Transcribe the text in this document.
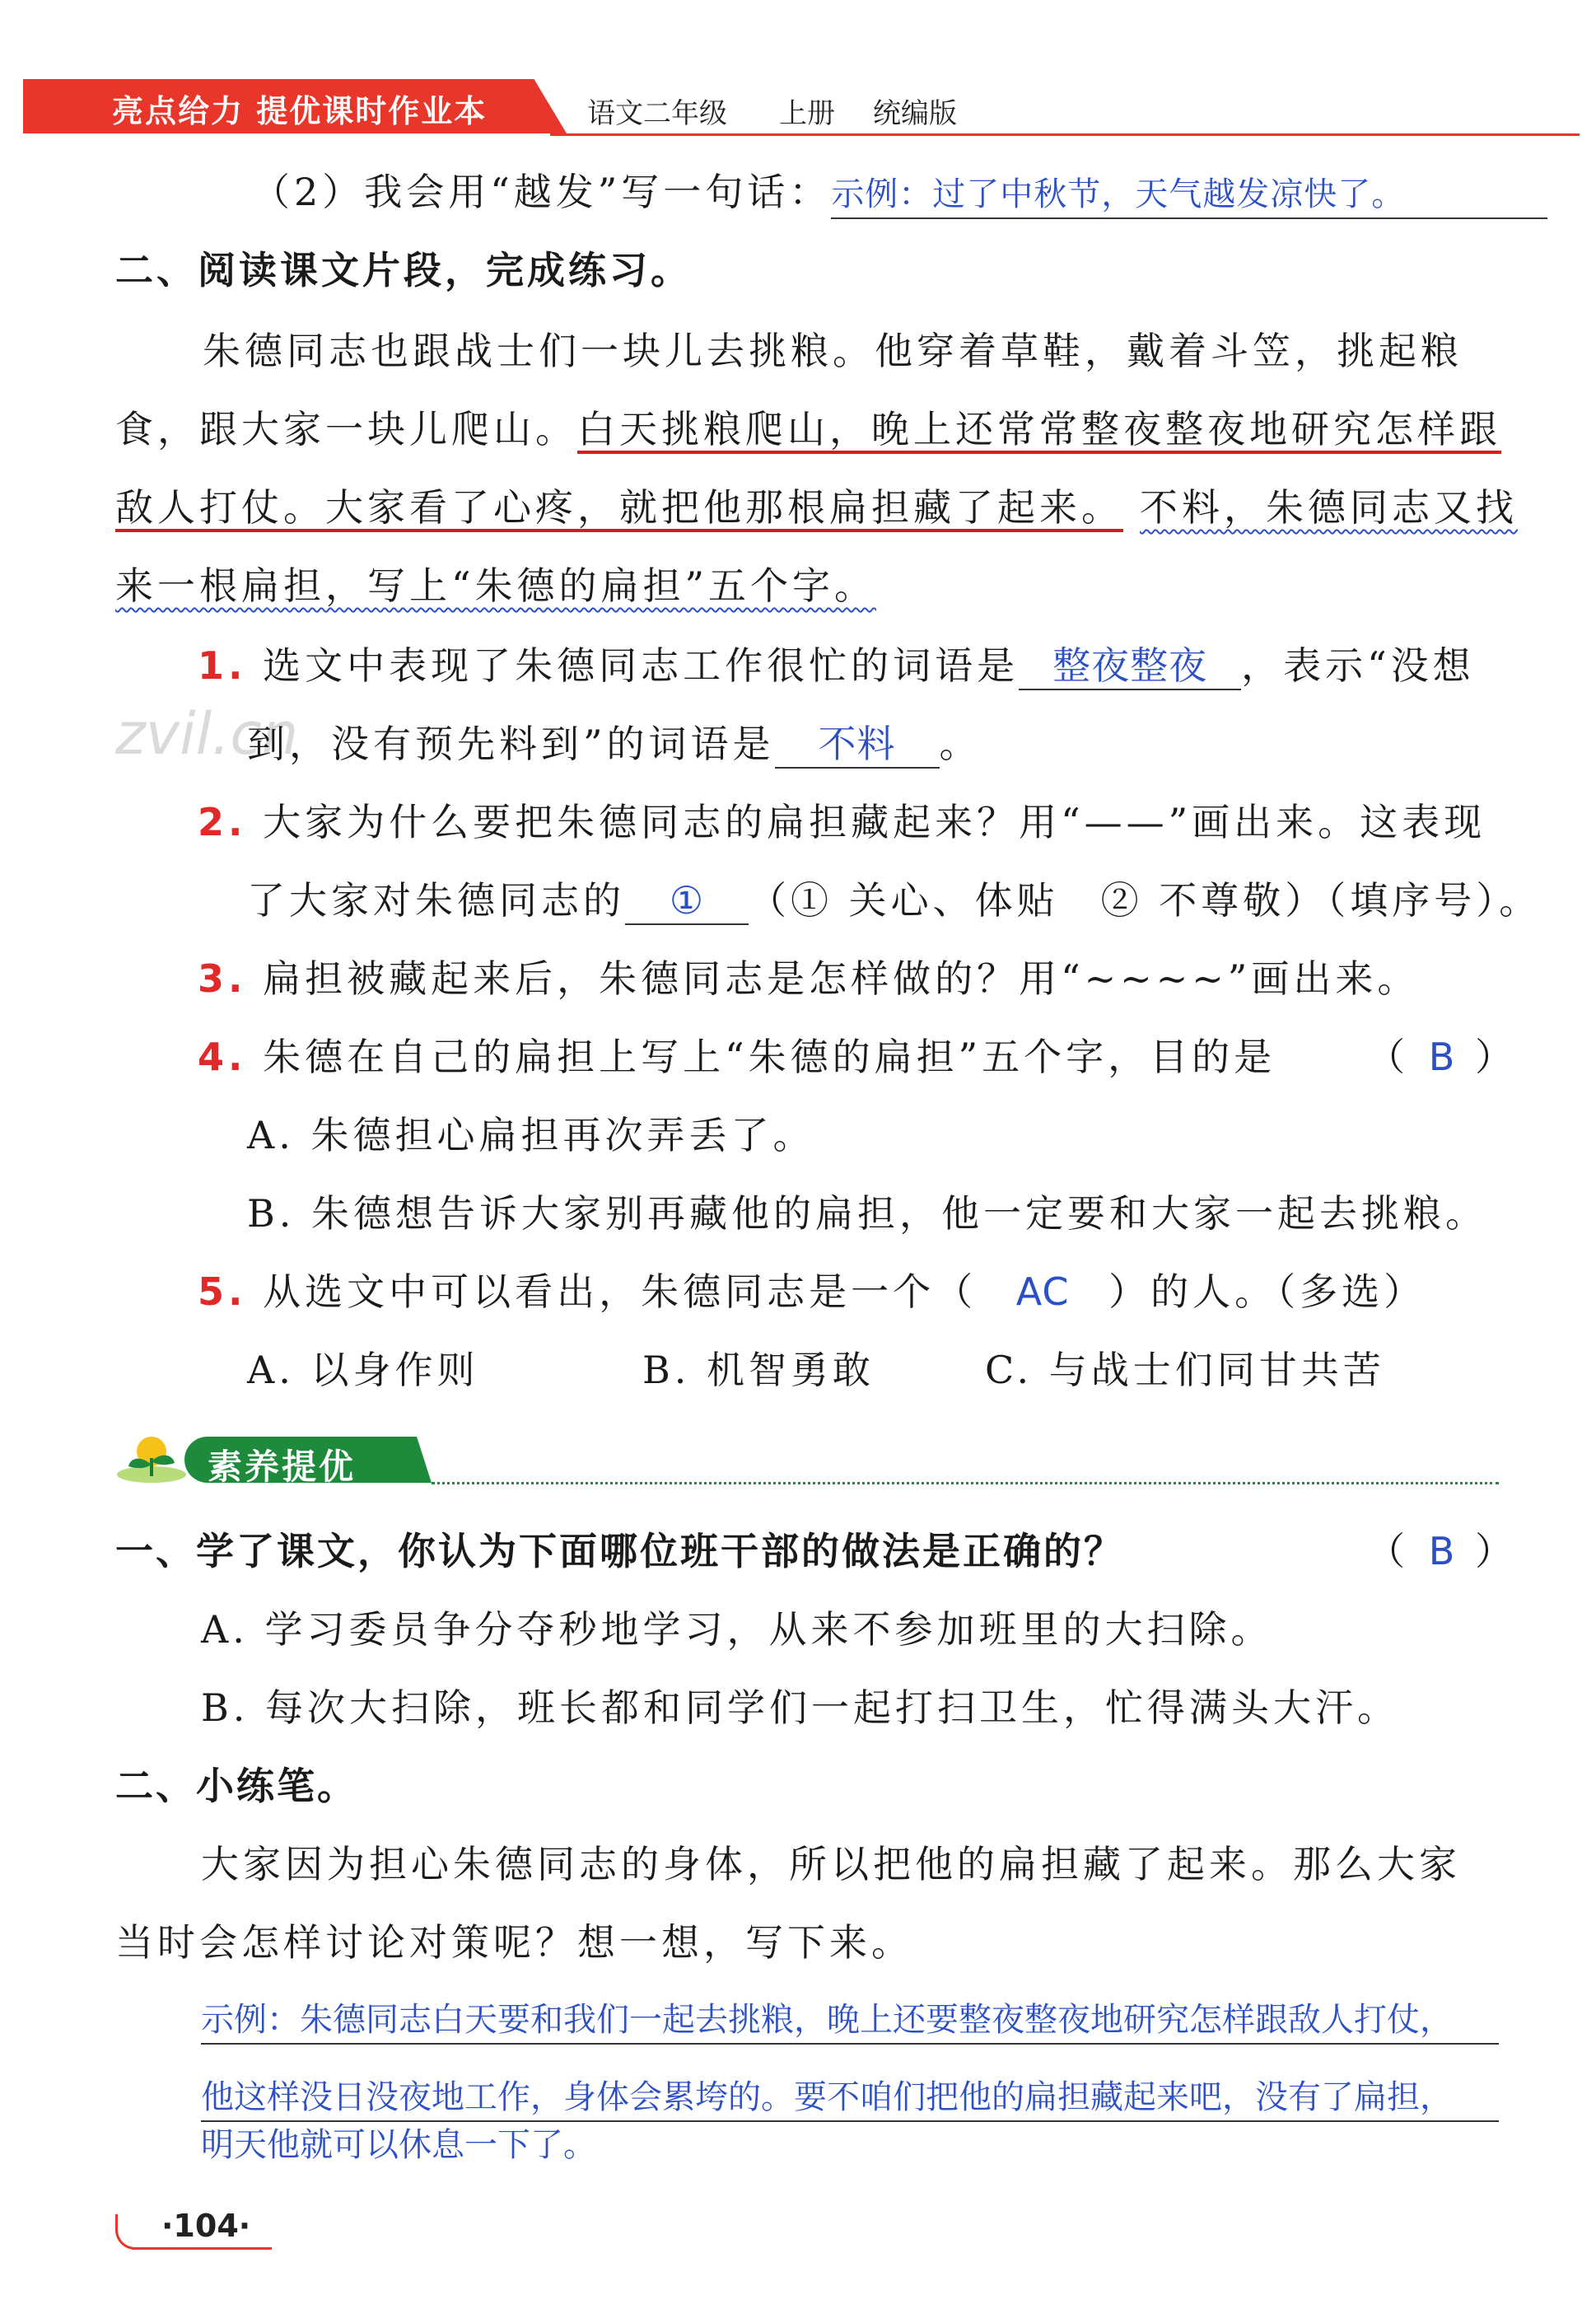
亮点给力 提优课时作业本	语文二年级 上册 统编版
（2）我会用“越发”写一句话：示例：过了中秋节，天气越发凉快了。
二、阅读课文片段，完成练习。
朱德同志也跟战士们一块儿去挑粮。他穿着草鞋，戴着斗笠，挑起粮
食，跟大家一块儿爬山。白天挑粮爬山，晚上还常常整夜整夜地研究怎样跟
敌人打仗。大家看了心疼，就把他那根扁担藏了起来。 不料，朱德同志又找
来一根扁担，写上“朱德的扁担”五个字。
zvil.cn
1. 选文中表现了朱德同志工作很忙的词语是 整夜整夜 ，表示“没想
到，没有预先料到”的词语是 不料 。
2. 大家为什么要把朱德同志的扁担藏起来？用“——”画出来。这表现
了大家对朱德同志的 ① （① 关心、体贴　② 不尊敬）（填序号）。
3. 扁担被藏起来后，朱德同志是怎样做的？用“~~~~”画出来。
4. 朱德在自己的扁担上写上“朱德的扁担”五个字，目的是 （ B ）
A. 朱德担心扁担再次弄丢了。
B. 朱德想告诉大家别再藏他的扁担，他一定要和大家一起去挑粮。
5. 从选文中可以看出，朱德同志是一个（ AC ）的人。（多选）
A. 以身作则	B. 机智勇敢	C. 与战士们同甘共苦
素养提优
一、学了课文，你认为下面哪位班干部的做法是正确的？	（ B ）
A. 学习委员争分夺秒地学习，从来不参加班里的大扫除。
B. 每次大扫除，班长都和同学们一起打扫卫生，忙得满头大汗。
二、小练笔。
大家因为担心朱德同志的身体，所以把他的扁担藏了起来。那么大家
当时会怎样讨论对策呢？想一想，写下来。
示例：朱德同志白天要和我们一起去挑粮，晚上还要整夜整夜地研究怎样跟敌人打仗，
他这样没日没夜地工作，身体会累垮的。要不咱们把他的扁担藏起来吧，没有了扁担，
明天他就可以休息一下了。
·104·
